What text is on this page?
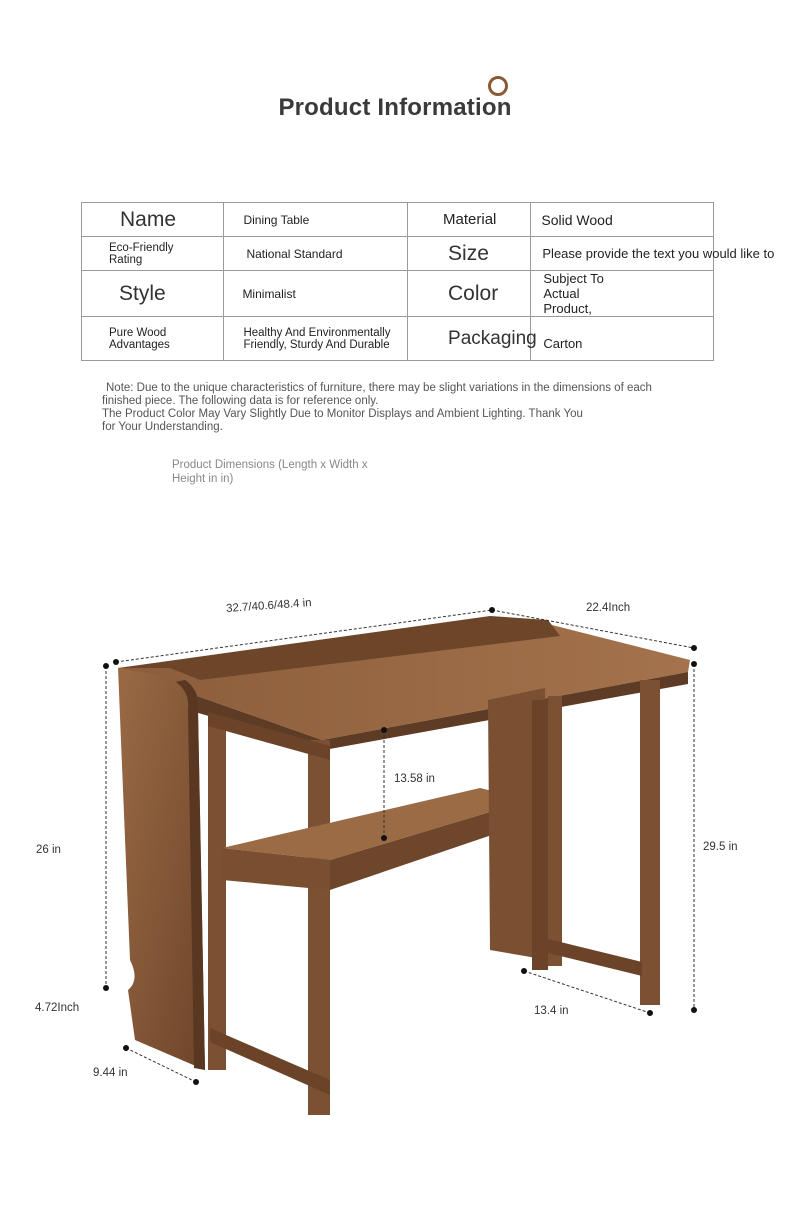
Product Information
Name	Dining Table	Material	Solid Wood
Eco-Friendly Rating	National Standard	Size	Please provide the text you would like to
Style	Minimalist	Color	Subject To Actual Product,
Pure Wood Advantages	Healthy And Environmentally Friendly, Sturdy And Durable	Packaging	Carton
Note: Due to the unique characteristics of furniture, there may be slight variations in the dimensions of each finished piece. The following data is for reference only.
The Product Color May Vary Slightly Due to Monitor Displays and Ambient Lighting. Thank You for Your Understanding.
Product Dimensions (Length x Width x Height in in)
32.7/40.6/48.4 in	22.4Inch
13.58 in
26 in	29.5 in
4.72Inch
9.44 in
13.4 in
